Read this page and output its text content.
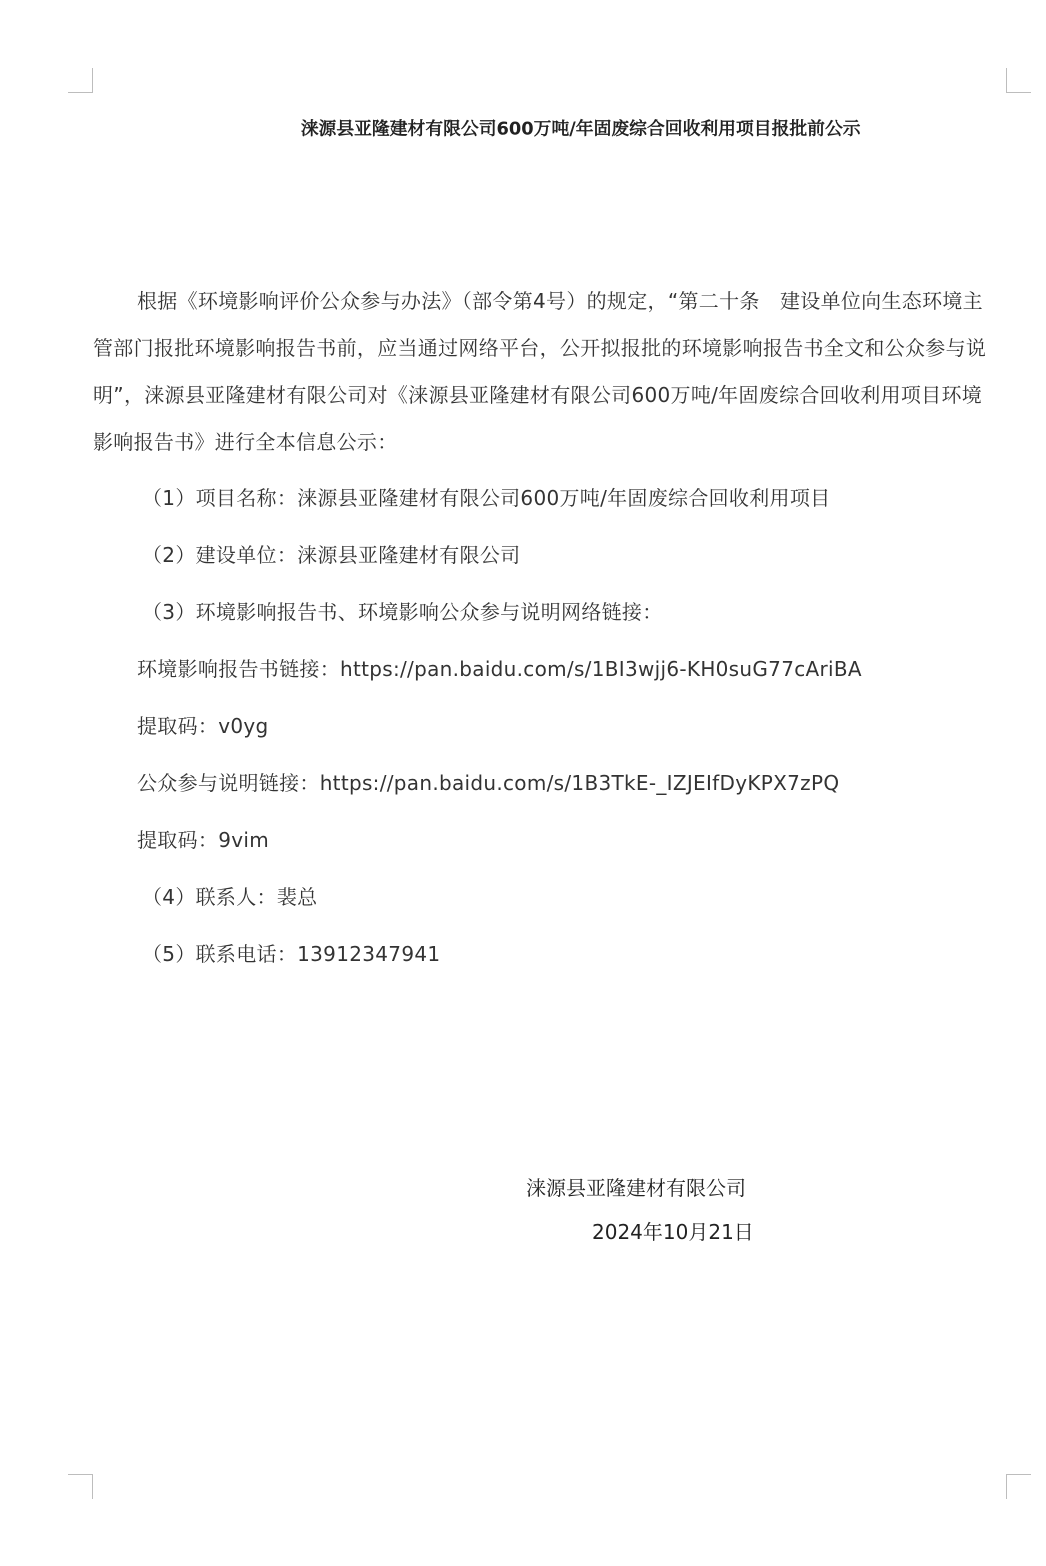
涞源县亚隆建材有限公司600万吨/年固废综合回收利用项目报批前公示
根据《环境影响评价公众参与办法》（部令第4号）的规定，“第二十条　建设单位向生态环境主管部门报批环境影响报告书前，应当通过网络平台，公开拟报批的环境影响报告书全文和公众参与说明”，涞源县亚隆建材有限公司对《涞源县亚隆建材有限公司600万吨/年固废综合回收利用项目环境影响报告书》进行全本信息公示：
（1）项目名称：涞源县亚隆建材有限公司600万吨/年固废综合回收利用项目
（2）建设单位：涞源县亚隆建材有限公司
（3）环境影响报告书、环境影响公众参与说明网络链接：
环境影响报告书链接：https://pan.baidu.com/s/1BI3wjj6-KH0suG77cAriBA
提取码：v0yg
公众参与说明链接：https://pan.baidu.com/s/1B3TkE-_IZJEIfDyKPX7zPQ
提取码：9vim
（4）联系人：裴总
（5）联系电话：13912347941
涞源县亚隆建材有限公司
2024年10月21日
